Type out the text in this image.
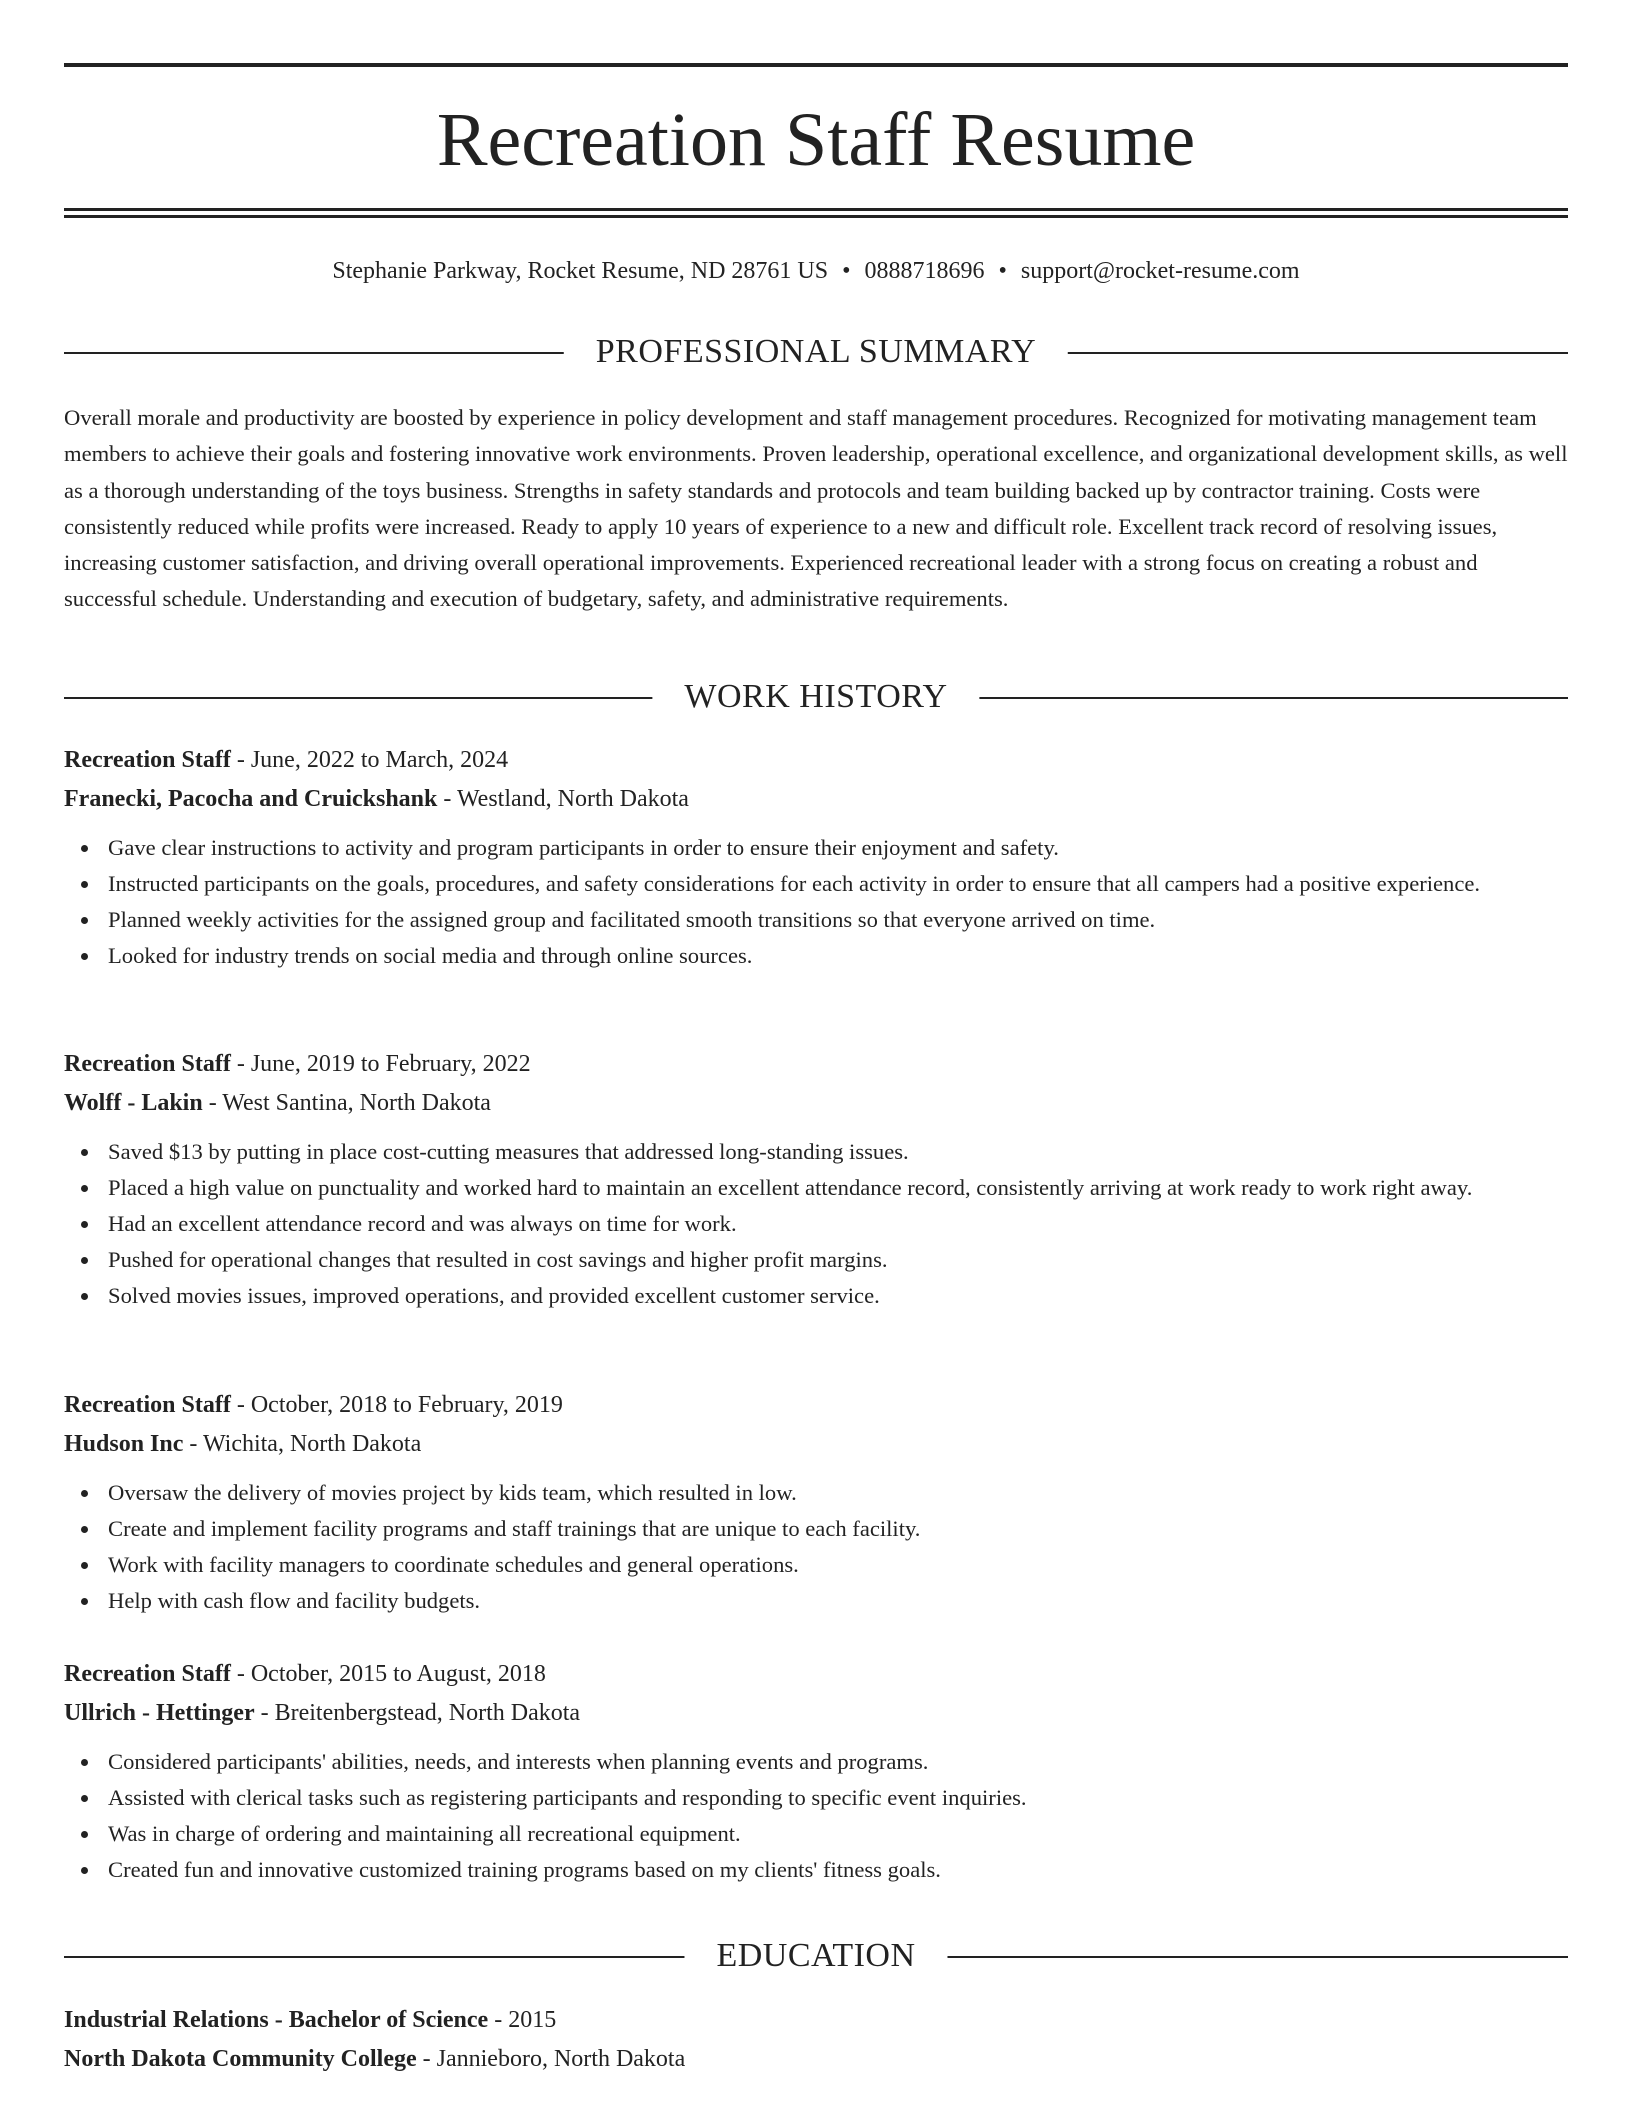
Recreation Staff Resume
Stephanie Parkway, Rocket Resume, ND 28761 US • 0888718696 • support@rocket-resume.com
PROFESSIONAL SUMMARY

Overall morale and productivity are boosted by experience in policy development and staff management procedures. Recognized for motivating management team members to achieve their goals and fostering innovative work environments. Proven leadership, operational excellence, and organizational development skills, as well as a thorough understanding of the toys business. Strengths in safety standards and protocols and team building backed up by contractor training. Costs were consistently reduced while profits were increased. Ready to apply 10 years of experience to a new and difficult role. Excellent track record of resolving issues, increasing customer satisfaction, and driving overall operational improvements. Experienced recreational leader with a strong focus on creating a robust and successful schedule. Understanding and execution of budgetary, safety, and administrative requirements.

WORK HISTORY

Recreation Staff - June, 2022 to March, 2024

Franecki, Pacocha and Cruickshank - Westland, North Dakota

Gave clear instructions to activity and program participants in order to ensure their enjoyment and safety.
Instructed participants on the goals, procedures, and safety considerations for each activity in order to ensure that all campers had a positive experience.
Planned weekly activities for the assigned group and facilitated smooth transitions so that everyone arrived on time.
Looked for industry trends on social media and through online sources.

Recreation Staff - June, 2019 to February, 2022

Wolff - Lakin - West Santina, North Dakota

Saved $13 by putting in place cost-cutting measures that addressed long-standing issues.
Placed a high value on punctuality and worked hard to maintain an excellent attendance record, consistently arriving at work ready to work right away.
Had an excellent attendance record and was always on time for work.
Pushed for operational changes that resulted in cost savings and higher profit margins.
Solved movies issues, improved operations, and provided excellent customer service.

Recreation Staff - October, 2018 to February, 2019

Hudson Inc - Wichita, North Dakota

Oversaw the delivery of movies project by kids team, which resulted in low.
Create and implement facility programs and staff trainings that are unique to each facility.
Work with facility managers to coordinate schedules and general operations.
Help with cash flow and facility budgets.

Recreation Staff - October, 2015 to August, 2018

Ullrich - Hettinger - Breitenbergstead, North Dakota

Considered participants' abilities, needs, and interests when planning events and programs.
Assisted with clerical tasks such as registering participants and responding to specific event inquiries.
Was in charge of ordering and maintaining all recreational equipment.
Created fun and innovative customized training programs based on my clients' fitness goals.
EDUCATION

Industrial Relations - Bachelor of Science - 2015

North Dakota Community College - Jannieboro, North Dakota
